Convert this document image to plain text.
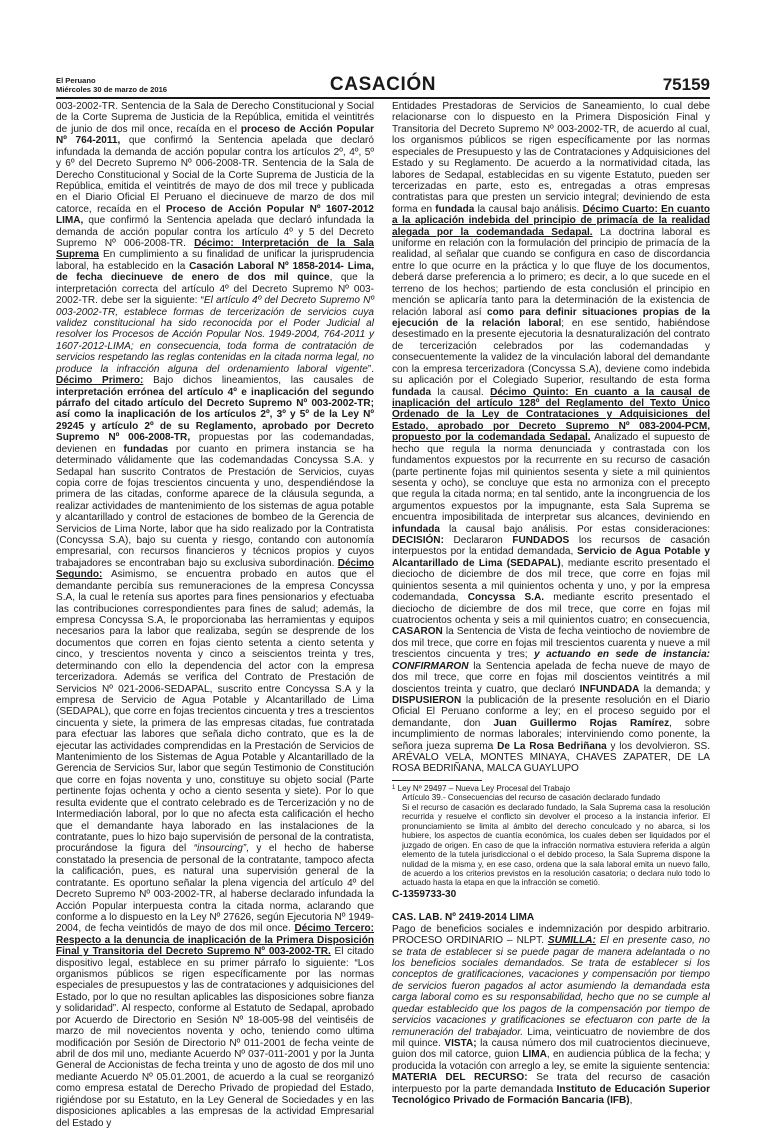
El Peruano
Miércoles 30 de marzo de 2016	CASACIÓN	75159

003-2002-TR. Sentencia de la Sala de Derecho Constitucional y Social de la Corte Suprema de Justicia de la República, emitida el veintitrés de junio de dos mil once, recaída en el proceso de Acción Popular Nº 764-2011, que confirmó la Sentencia apelada que declaró infundada la demanda de acción popular contra los artículos 2º, 4º, 5º y 6º del Decreto Supremo Nº 006-2008-TR. Sentencia de la Sala de Derecho Constitucional y Social de la Corte Suprema de Justicia de la República, emitida el veintitrés de mayo de dos mil trece y publicada en el Diario Oficial El Peruano el diecinueve de marzo de dos mil catorce, recaída en el Proceso de Acción Popular Nº 1607-2012 LIMA, que confirmó la Sentencia apelada que declaró infundada la demanda de acción popular contra los artículo 4º y 5 del Decreto Supremo Nº 006-2008-TR. Décimo: Interpretación de la Sala Suprema En cumplimiento a su finalidad de unificar la jurisprudencia laboral, ha establecido en la Casación Laboral Nº 1858-2014- Lima, de fecha diecinueve de enero de dos mil quince, que la interpretación correcta del artículo 4º del Decreto Supremo Nº 003-2002-TR. debe ser la siguiente: “El artículo 4º del Decreto Supremo Nº 003-2002-TR, establece formas de tercerización de servicios cuya validez constitucional ha sido reconocida por el Poder Judicial al resolver los Procesos de Acción Popular Nos. 1949-2004, 764-2011 y 1607-2012-LIMA; en consecuencia, toda forma de contratación de servicios respetando las reglas contenidas en la citada norma legal, no produce la infracción alguna del ordenamiento laboral vigente”. Décimo Primero: Bajo dichos lineamientos, las causales de interpretación errónea del artículo 4º e inaplicación del segundo párrafo del citado artículo del Decreto Supremo Nº 003-2002-TR; así como la inaplicación de los artículos 2º, 3º y 5º de la Ley Nº 29245 y artículo 2º de su Reglamento, aprobado por Decreto Supremo Nº 006-2008-TR, propuestas por las codemandadas, devienen en fundadas por cuanto en primera instancia se ha determinado válidamente que las codemandadas Concyssa S.A. y Sedapal han suscrito Contratos de Prestación de Servicios, cuyas copia corre de fojas trescientos cincuenta y uno, despendiéndose la primera de las citadas, conforme aparece de la cláusula segunda, a realizar actividades de mantenimiento de los sistemas de agua potable y alcantarillado y control de estaciones de bombeo de la Gerencia de Servicios de Lima Norte, labor que ha sido realizado por la Contratista (Concyssa S.A), bajo su cuenta y riesgo, contando con autonomía empresarial, con recursos financieros y técnicos propios y cuyos trabajadores se encontraban bajo su exclusiva subordinación. Décimo Segundo: Asimismo, se encuentra probado en autos que el demandante percibía sus remuneraciones de la empresa Concyssa S.A, la cual le retenía sus aportes para fines pensionarios y efectuaba las contribuciones correspondientes para fines de salud; además, la empresa Concyssa S.A, le proporcionaba las herramientas y equipos necesarios para la labor que realizaba, según se desprende de los documentos que corren en fojas ciento setenta a ciento setenta y cinco, y trescientos noventa y cinco a seiscientos treinta y tres, determinando con ello la dependencia del actor con la empresa tercerizadora. Además se verifica del Contrato de Prestación de Servicios Nº 021-2006-SEDAPAL, suscrito entre Concyssa S.A y la empresa de Servicio de Agua Potable y Alcantarillado de Lima (SEDAPAL), que corre en fojas trecientos cincuenta y tres a trescientos cincuenta y siete, la primera de las empresas citadas, fue contratada para efectuar las labores que señala dicho contrato, que es la de ejecutar las actividades comprendidas en la Prestación de Servicios de Mantenimiento de los Sistemas de Agua Potable y Alcantarillado de la Gerencia de Servicios Sur, labor que según Testimonio de Constitución que corre en fojas noventa y uno, constituye su objeto social (Parte pertinente fojas ochenta y ocho a ciento sesenta y siete). Por lo que resulta evidente que el contrato celebrado es de Tercerización y no de Intermediación laboral, por lo que no afecta esta calificación el hecho que el demandante haya laborado en las instalaciones de la contratante, pues lo hizo bajo supervisión de personal de la contratista, procurándose la figura del “insourcing”, y el hecho de haberse constatado la presencia de personal de la contratante, tampoco afecta la calificación, pues, es natural una supervisión general de la contratante. Es oportuno señalar la plena vigencia del artículo 4º del Decreto Supremo Nº 003-2002-TR, al haberse declarado infundada la Acción Popular interpuesta contra la citada norma, aclarando que conforme a lo dispuesto en la Ley Nº 27626, según Ejecutoria Nº 1949-2004, de fecha veintidós de mayo de dos mil once. Décimo Tercero: Respecto a la denuncia de inaplicación de la Primera Disposición Final y Transitoria del Decreto Supremo Nº 003-2002-TR. El citado dispositivo legal, establece en su primer párrafo lo siguiente: “Los organismos públicos se rigen específicamente por las normas especiales de presupuestos y las de contrataciones y adquisiciones del Estado, por lo que no resultan aplicables las disposiciones sobre fianza y solidaridad”. Al respecto, conforme al Estatuto de Sedapal, aprobado por Acuerdo de Directorio en Sesión Nº 18-005-98 del veintiséis de marzo de mil novecientos noventa y ocho, teniendo como ultima modificación por Sesión de Directorio Nº 011-2001 de fecha veinte de abril de dos mil uno, mediante Acuerdo Nº 037-011-2001 y por la Junta General de Accionistas de fecha treinta y uno de agosto de dos mil uno mediante Acuerdo Nº 05.01.2001, de acuerdo a la cual se reorganizó como empresa estatal de Derecho Privado de propiedad del Estado, rigiéndose por su Estatuto, en la Ley General de Sociedades y en las disposiciones aplicables a las empresas de la actividad Empresarial del Estado y

Entidades Prestadoras de Servicios de Saneamiento, lo cual debe relacionarse con lo dispuesto en la Primera Disposición Final y Transitoria del Decreto Supremo Nº 003-2002-TR, de acuerdo al cual, los organismos públicos se rigen específicamente por las normas especiales de Presupuesto y las de Contrataciones y Adquisiciones del Estado y su Reglamento. De acuerdo a la normatividad citada, las labores de Sedapal, establecidas en su vigente Estatuto, pueden ser tercerizadas en parte, esto es, entregadas a otras empresas contratistas para que presten un servicio integral; deviniendo de esta forma en fundada la causal bajo análisis. Décimo Cuarto: En cuanto a la aplicación indebida del principio de primacía de la realidad alegada por la codemandada Sedapal. La doctrina laboral es uniforme en relación con la formulación del principio de primacía de la realidad, al señalar que cuando se configura en caso de discordancia entre lo que ocurre en la práctica y lo que fluye de los documentos, deberá darse preferencia a lo primero; es decir, a lo que sucede en el terreno de los hechos; partiendo de esta conclusión el principio en mención se aplicaría tanto para la determinación de la existencia de relación laboral así como para definir situaciones propias de la ejecución de la relación laboral; en ese sentido, habiéndose desestimado en la presente ejecutoria la desnaturalización del contrato de tercerización celebrados por las codemandadas y consecuentemente la validez de la vinculación laboral del demandante con la empresa tercerizadora (Concyssa S.A), deviene como indebida su aplicación por el Colegiado Superior, resultando de esta forma fundada la causal. Décimo Quinto: En cuanto a la causal de inaplicación del artículo 128º del Reglamento del Texto Único Ordenado de la Ley de Contrataciones y Adquisiciones del Estado, aprobado por Decreto Supremo Nº 083-2004-PCM, propuesto por la codemandada Sedapal. Analizado el supuesto de hecho que regula la norma denunciada y contrastada con los fundamentos expuestos por la recurrente en su recurso de casación (parte pertinente fojas mil quinientos sesenta y siete a mil quinientos sesenta y ocho), se concluye que esta no armoniza con el precepto que regula la citada norma; en tal sentido, ante la incongruencia de los argumentos expuestos por la impugnante, esta Sala Suprema se encuentra imposibilitada de interpretar sus alcances, deviniendo en infundada la causal bajo análisis. Por estas consideraciones: DECISIÓN: Declararon FUNDADOS los recursos de casación interpuestos por la entidad demandada, Servicio de Agua Potable y Alcantarillado de Lima (SEDAPAL), mediante escrito presentado el dieciocho de diciembre de dos mil trece, que corre en fojas mil quinientos sesenta a mil quinientos ochenta y uno, y por la empresa codemandada, Concyssa S.A. mediante escrito presentado el dieciocho de diciembre de dos mil trece, que corre en fojas mil cuatrocientos ochenta y seis a mil quinientos cuatro; en consecuencia, CASARON la Sentencia de Vista de fecha veintiocho de noviembre de dos mil trece, que corre en fojas mil trescientos cuarenta y nueve a mil trescientos cincuenta y tres; y actuando en sede de instancia: CONFIRMARON la Sentencia apelada de fecha nueve de mayo de dos mil trece, que corre en fojas mil doscientos veintitrés a mil doscientos treinta y cuatro, que declaró INFUNDADA la demanda; y DISPUSIERON la publicación de la presente resolución en el Diario Oficial El Peruano conforme a ley; en el proceso seguido por el demandante, don Juan Guillermo Rojas Ramírez, sobre incumplimiento de normas laborales; interviniendo como ponente, la señora jueza suprema De La Rosa Bedriñana y los devolvieron. SS. ARÉVALO VELA, MONTES MINAYA, CHAVES ZAPATER, DE LA ROSA BEDRIÑANA, MALCA GUAYLUPO

$^1$ Ley Nº 29497 – Nueva Ley Procesal del Trabajo
Artículo 39.- Consecuencias del recurso de casación declarado fundado
Si el recurso de casación es declarado fundado, la Sala Suprema casa la resolución recurrida y resuelve el conflicto sin devolver el proceso a la instancia inferior. El pronunciamiento se limita al ámbito del derecho conculcado y no abarca, si los hubiere, los aspectos de cuantía económica, los cuales deben ser liquidados por el juzgado de origen. En caso de que la infracción normativa estuviera referida a algún elemento de la tutela jurisdiccional o el debido proceso, la Sala Suprema dispone la nulidad de la misma y, en ese caso, ordena que la sala laboral emita un nuevo fallo, de acuerdo a los criterios previstos en la resolución casatoria; o declara nulo todo lo actuado hasta la etapa en que la infracción se cometió.
C-1359733-30
CAS. LAB. Nº 2419-2014 LIMA

Pago de beneficios sociales e indemnización por despido arbitrario. PROCESO ORDINARIO – NLPT. SUMILLA: El en presente caso, no se trata de establecer si se puede pagar de manera adelantada o no los beneficios sociales demandados. Se trata de establecer si los conceptos de gratificaciones, vacaciones y compensación por tiempo de servicios fueron pagados al actor asumiendo la demandada esta carga laboral como es su responsabilidad, hecho que no se cumple al quedar establecido que los pagos de la compensación por tiempo de servicios vacaciones y gratificaciones se efectuaron con parte de la remuneración del trabajador. Lima, veinticuatro de noviembre de dos mil quince. VISTA; la causa número dos mil cuatrocientos diecinueve, guion dos mil catorce, guion LIMA, en audiencia pública de la fecha; y producida la votación con arreglo a ley, se emite la siguiente sentencia: MATERIA DEL RECURSO: Se trata del recurso de casación interpuesto por la parte demandada Instituto de Educación Superior Tecnológico Privado de Formación Bancaria (IFB),
